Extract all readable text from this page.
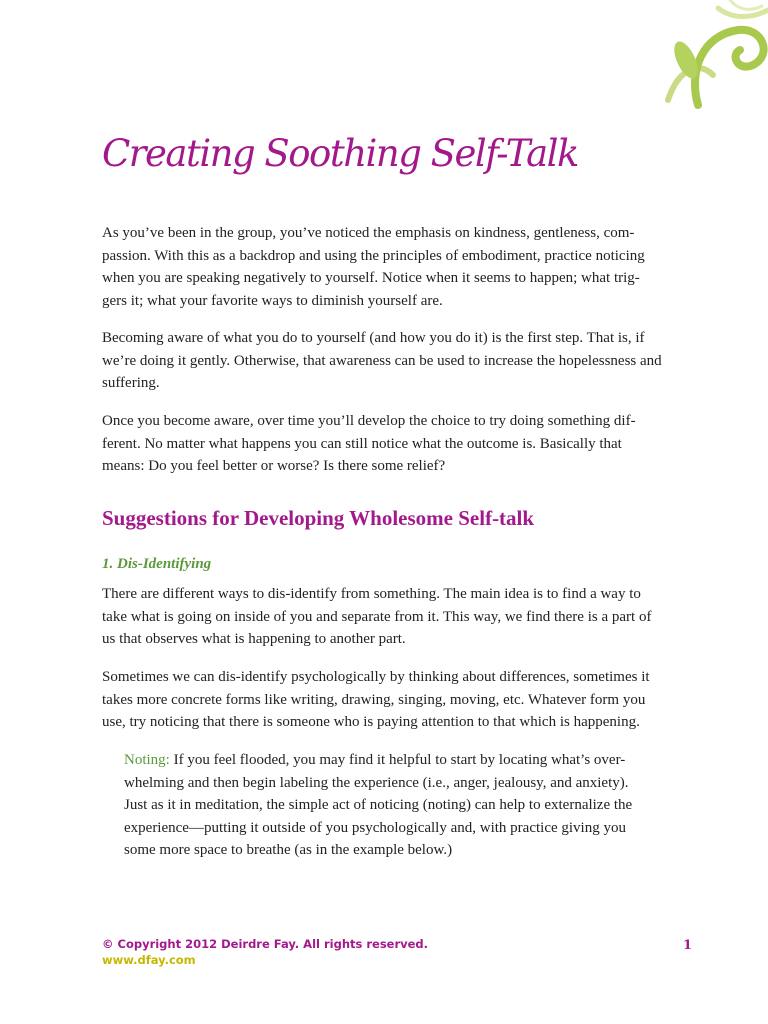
Creating Soothing Self-Talk

As you’ve been in the group, you’ve noticed the emphasis on kindness, gentleness, com-passion. With this as a backdrop and using the principles of embodiment, practice noticing when you are speaking negatively to yourself. Notice when it seems to happen; what trig-gers it; what your favorite ways to diminish yourself are.

Becoming aware of what you do to yourself (and how you do it) is the first step. That is, if we’re doing it gently. Otherwise, that awareness can be used to increase the hopelessness and suffering.

Once you become aware, over time you’ll develop the choice to try doing something dif-ferent. No matter what happens you can still notice what the outcome is. Basically that means: Do you feel better or worse? Is there some relief?

Suggestions for Developing Wholesome Self-talk
1. Dis-Identifying

There are different ways to dis-identify from something. The main idea is to find a way to take what is going on inside of you and separate from it. This way, we find there is a part of us that observes what is happening to another part.

Sometimes we can dis-identify psychologically by thinking about differences, sometimes it takes more concrete forms like writing, drawing, singing, moving, etc. Whatever form you use, try noticing that there is someone who is paying attention to that which is happening.

Noting: If you feel flooded, you may find it helpful to start by locating what’s over-whelming and then begin labeling the experience (i.e., anger, jealousy, and anxiety). Just as it in meditation, the simple act of noticing (noting) can help to externalize the experience—putting it outside of you psychologically and, with practice giving you some more space to breathe (as in the example below.)

© Copyright 2012 Deirdre Fay. All rights reserved.
www.dfay.com
1
